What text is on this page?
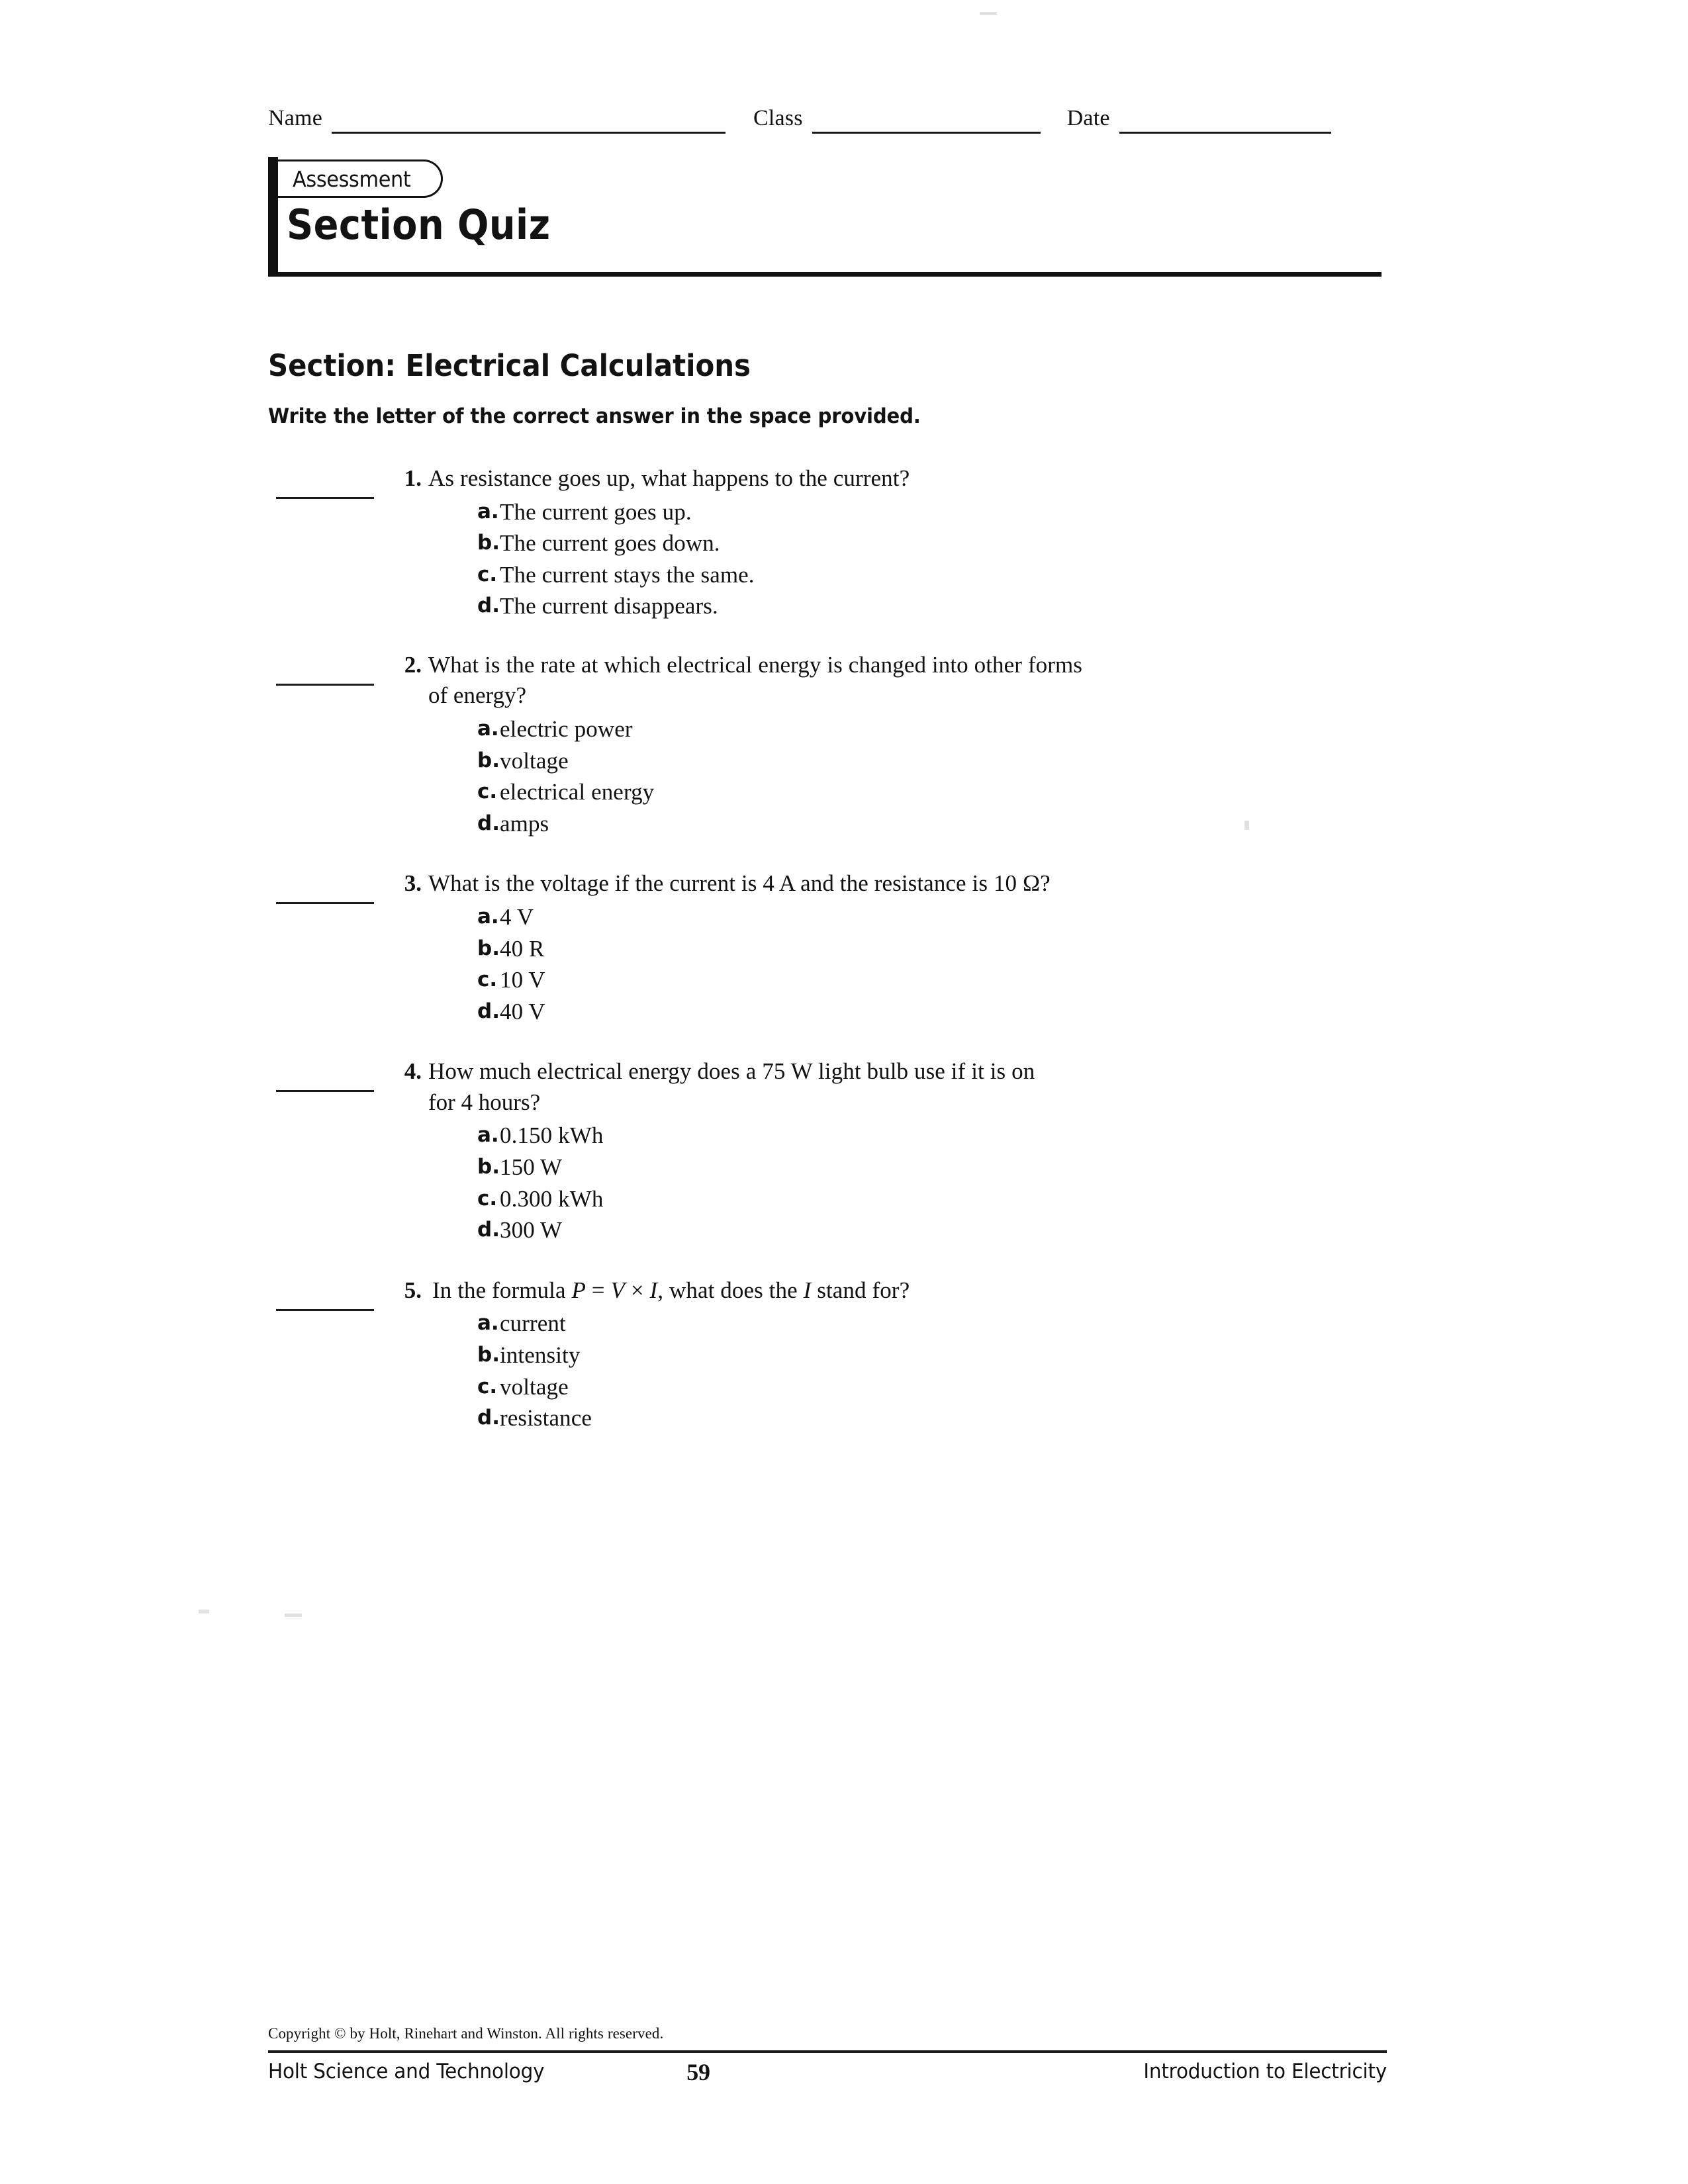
Name	Class	Date
Assessment
Section Quiz
Section: Electrical Calculations
Write the letter of the correct answer in the space provided.
1. As resistance goes up, what happens to the current?
a. The current goes up.
b. The current goes down.
c. The current stays the same.
d. The current disappears.
2. What is the rate at which electrical energy is changed into other forms
of energy?
a. electric power
b. voltage
c. electrical energy
d. amps
3. What is the voltage if the current is 4 A and the resistance is 10 Ω?
a. 4 V
b. 40 R
c. 10 V
d. 40 V
4. How much electrical energy does a 75 W light bulb use if it is on
for 4 hours?
a. 0.150 kWh
b. 150 W
c. 0.300 kWh
d. 300 W
5. In the formula P = V × I, what does the I stand for?
a. current
b. intensity
c. voltage
d. resistance
Copyright © by Holt, Rinehart and Winston. All rights reserved.
Holt Science and Technology	59	Introduction to Electricity
